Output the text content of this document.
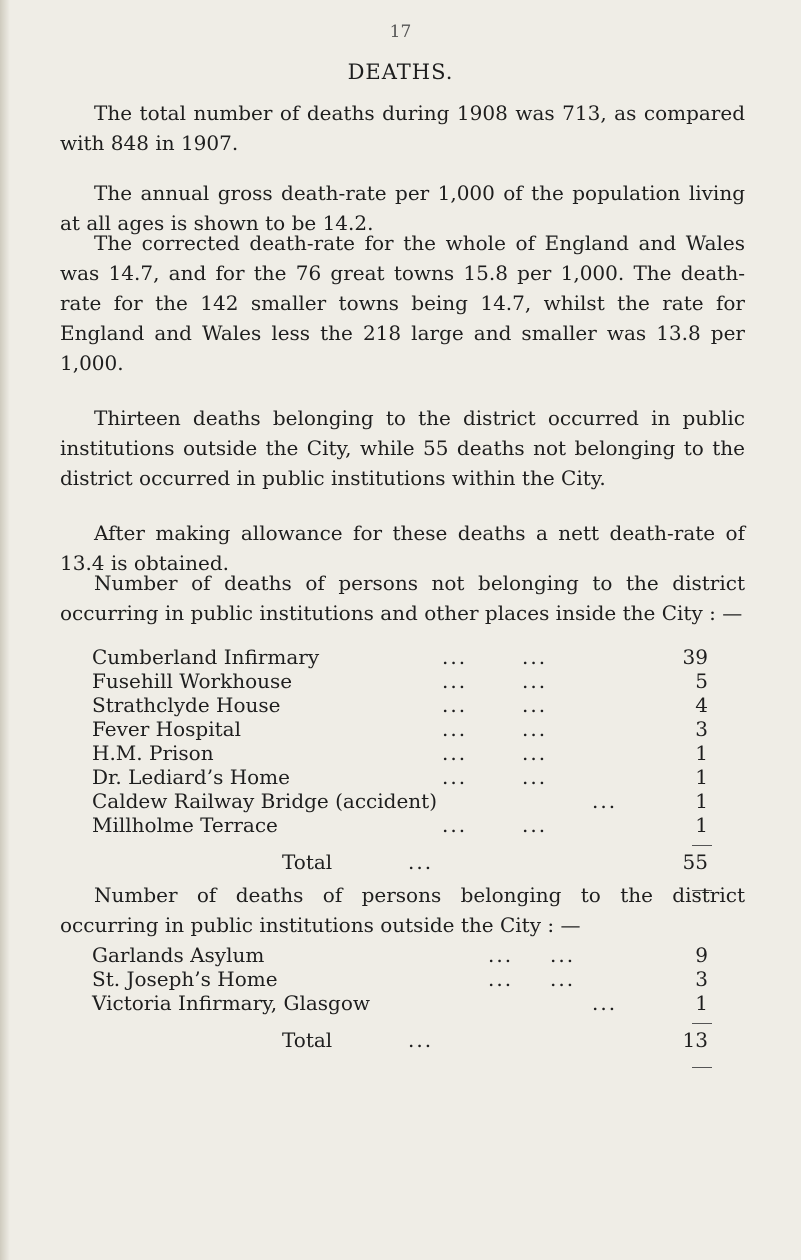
17
DEATHS.

The total number of deaths during 1908 was 713, as compared with 848 in 1907.

The annual gross death-rate per 1,000 of the population living at all ages is shown to be 14.2.

The corrected death-rate for the whole of England and Wales was 14.7, and for the 76 great towns 15.8 per 1,000. The death-rate for the 142 smaller towns being 14.7, whilst the rate for England and Wales less the 218 large and smaller was 13.8 per 1,000.

Thirteen deaths belonging to the district occurred in public institutions outside the City, while 55 deaths not belonging to the district occurred in public institutions within the City.

After making allowance for these deaths a nett death-rate of 13.4 is obtained.

Number of deaths of persons not belonging to the district occurring in public institutions and other places inside the City : —

Cumberland Infirmary	...	...	39
Fusehill Workhouse	...	...	5
Strathclyde House	...	...	4
Fever Hospital	...	...	3
H.M. Prison	...	...	1
Dr. Lediard’s Home	...	...	1
Caldew Railway Bridge (accident)	...	1
Millholme Terrace	...	...	1
Total	...	55

Number of deaths of persons belonging to the district occurring in public institutions outside the City : —

Garlands Asylum	... ...	9
St. Joseph’s Home	... ...	3
Victoria Infirmary, Glasgow	...	1
Total	...	13
